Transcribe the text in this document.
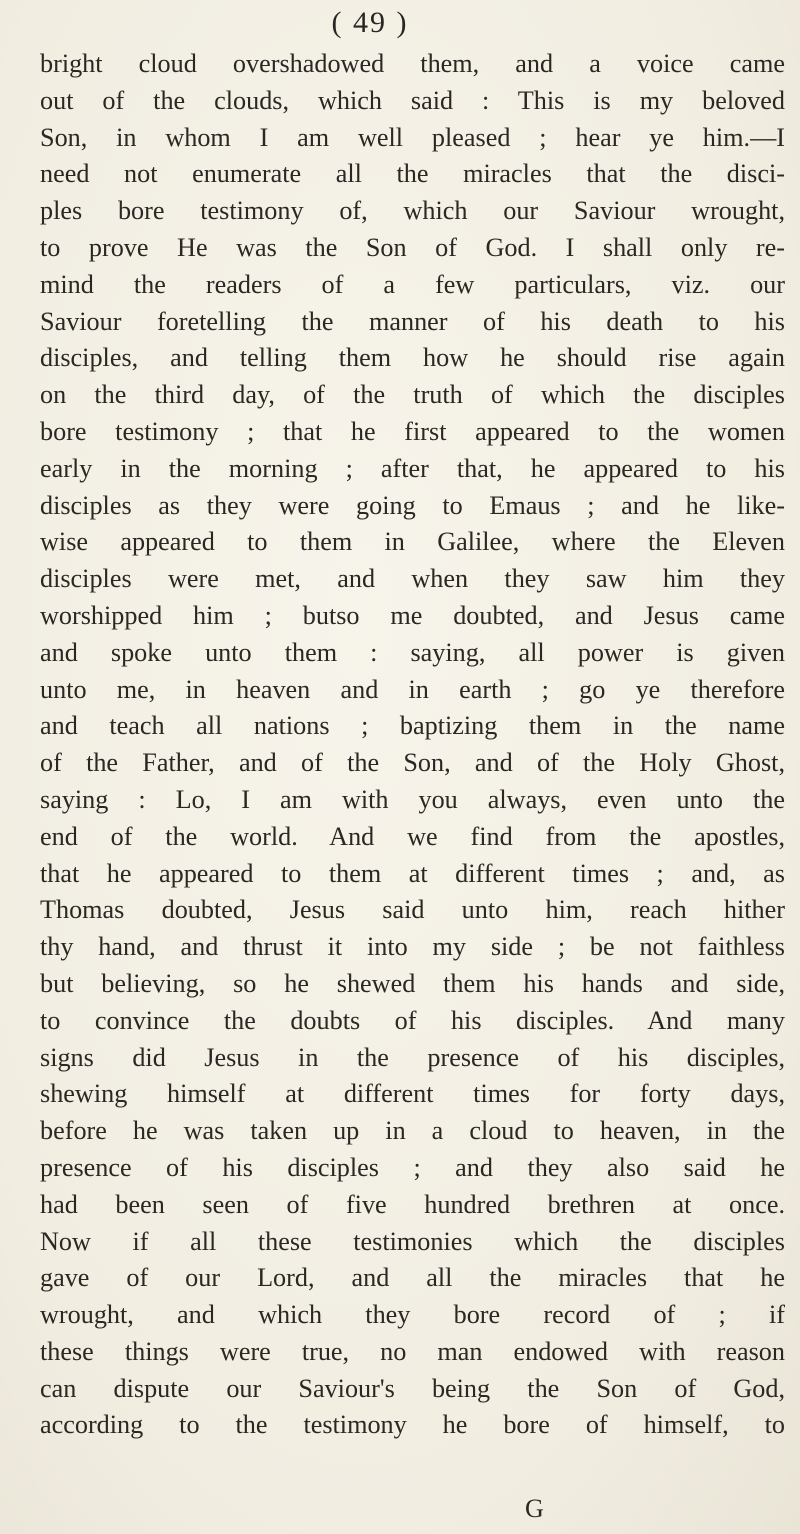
( 49 )
bright cloud overshadowed them, and a voice came
out of the clouds, which said : This is my beloved
Son, in whom I am well pleased ; hear ye him.—I
need not enumerate all the miracles that the disci-
ples bore testimony of, which our Saviour wrought,
to prove He was the Son of God. I shall only re-
mind the readers of a few particulars, viz. our
Saviour foretelling the manner of his death to his
disciples, and telling them how he should rise again
on the third day, of the truth of which the disciples
bore testimony ; that he first appeared to the women
early in the morning ; after that, he appeared to his
disciples as they were going to Emaus ; and he like-
wise appeared to them in Galilee, where the Eleven
disciples were met, and when they saw him they
worshipped him ; butso me doubted, and Jesus came
and spoke unto them : saying, all power is given
unto me, in heaven and in earth ; go ye therefore
and teach all nations ; baptizing them in the name
of the Father, and of the Son, and of the Holy Ghost,
saying : Lo, I am with you always, even unto the
end of the world. And we find from the apostles,
that he appeared to them at different times ; and, as
Thomas doubted, Jesus said unto him, reach hither
thy hand, and thrust it into my side ; be not faithless
but believing, so he shewed them his hands and side,
to convince the doubts of his disciples. And many
signs did Jesus in the presence of his disciples,
shewing himself at different times for forty days,
before he was taken up in a cloud to heaven, in the
presence of his disciples ; and they also said he
had been seen of five hundred brethren at once.
Now if all these testimonies which the disciples
gave of our Lord, and all the miracles that he
wrought, and which they bore record of ; if
these things were true, no man endowed with reason
can dispute our Saviour's being the Son of God,
according to the testimony he bore of himself, to
G
